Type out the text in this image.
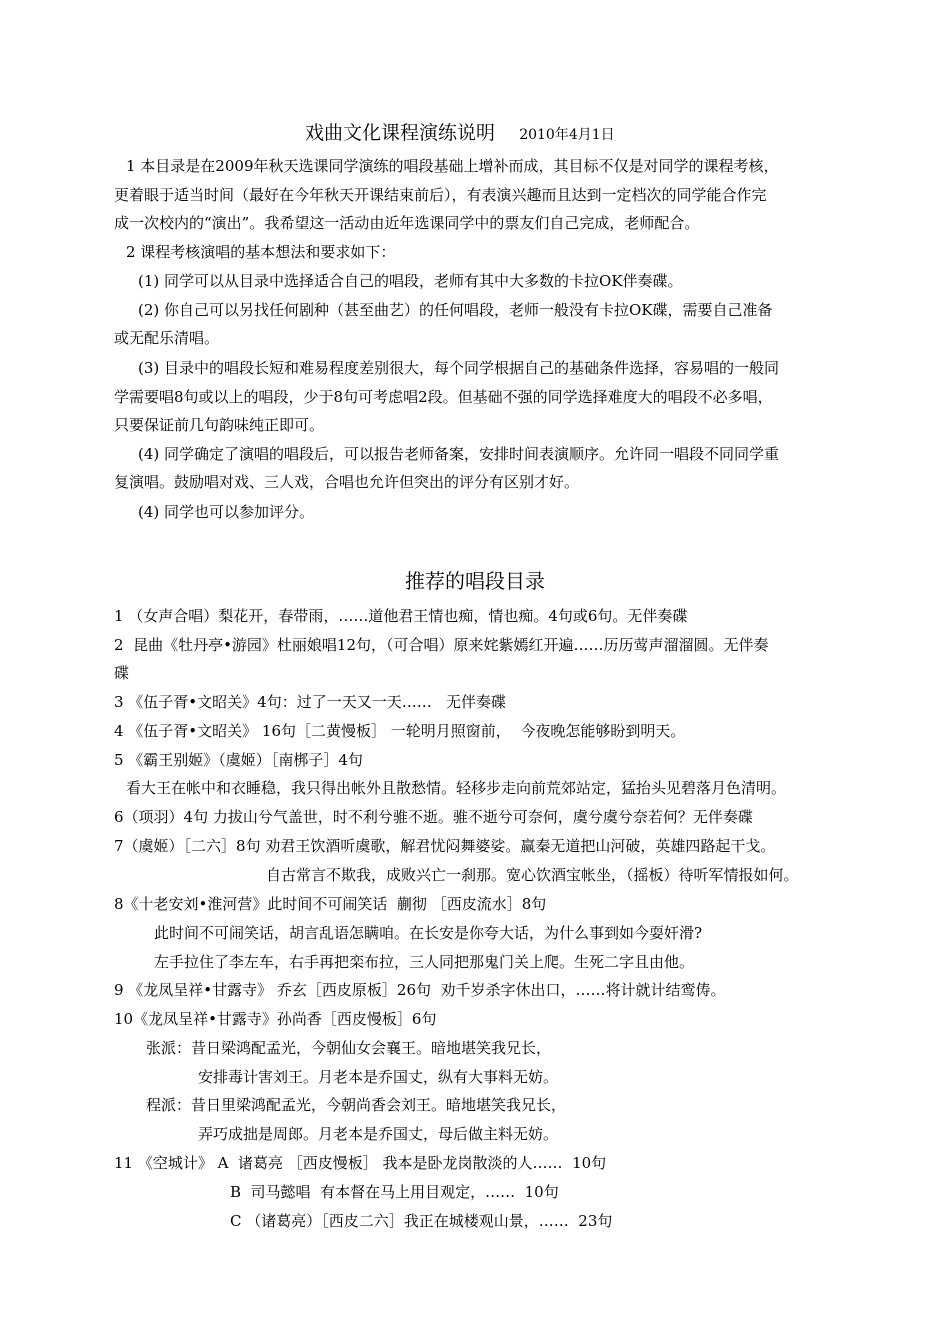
戏曲文化课程演练说明 2010年4月1日
1 本目录是在2009年秋天选课同学演练的唱段基础上增补而成，其目标不仅是对同学的课程考核，
更着眼于适当时间（最好在今年秋天开课结束前后），有表演兴趣而且达到一定档次的同学能合作完
成一次校内的“演出”。我希望这一活动由近年选课同学中的票友们自己完成，老师配合。
2 课程考核演唱的基本想法和要求如下：
(1) 同学可以从目录中选择适合自己的唱段，老师有其中大多数的卡拉OK伴奏碟。
(2) 你自己可以另找任何剧种（甚至曲艺）的任何唱段，老师一般没有卡拉OK碟，需要自己准备
或无配乐清唱。
(3) 目录中的唱段长短和难易程度差别很大，每个同学根据自己的基础条件选择，容易唱的一般同
学需要唱8句或以上的唱段，少于8句可考虑唱2段。但基础不强的同学选择难度大的唱段不必多唱，
只要保证前几句韵味纯正即可。
(4) 同学确定了演唱的唱段后，可以报告老师备案，安排时间表演顺序。允许同一唱段不同同学重
复演唱。鼓励唱对戏、三人戏，合唱也允许但突出的评分有区别才好。
(4) 同学也可以参加评分。
推荐的唱段目录
1 （女声合唱）梨花开，春带雨，……道他君王情也痴，情也痴。4句或6句。无伴奏碟
2  昆曲《牡丹亭•游园》杜丽娘唱12句，（可合唱）原来姹紫嫣红开遍……历历莺声溜溜圆。无伴奏
碟
3 《伍子胥•文昭关》4句：过了一天又一天……   无伴奏碟
4 《伍子胥•文昭关》 16句［二黄慢板］ 一轮明月照窗前，  今夜晚怎能够盼到明天。
5 《霸王别姬》（虞姬）［南梆子］4句
看大王在帐中和衣睡稳，我只得出帐外且散愁情。轻移步走向前荒郊站定，猛抬头见碧落月色清明。
6（项羽）4句 力拔山兮气盖世，时不利兮骓不逝。骓不逝兮可奈何，虞兮虞兮奈若何？无伴奏碟
7（虞姬）［二六］8句 劝君王饮酒听虞歌，解君忧闷舞婆娑。赢秦无道把山河破，英雄四路起干戈。
自古常言不欺我，成败兴亡一刹那。宽心饮酒宝帐坐，（摇板）待听军情报如何。
8《十老安刘•淮河营》此时间不可闹笑话  蒯彻 ［西皮流水］8句
此时间不可闹笑话，胡言乱语怎瞒咱。在长安是你夸大话，为什么事到如今耍奸滑?
左手拉住了李左车，右手再把栾布拉，三人同把那鬼门关上爬。生死二字且由他。
9 《龙凤呈祥•甘露寺》 乔玄［西皮原板］26句  劝千岁杀字休出口，……将计就计结鸾俦。
10《龙凤呈祥•甘露寺》孙尚香［西皮慢板］6句
张派：昔日梁鸿配孟光，今朝仙女会襄王。暗地堪笑我兄长，
安排毒计害刘王。月老本是乔国丈，纵有大事料无妨。
程派：昔日里梁鸿配孟光，今朝尚香会刘王。暗地堪笑我兄长，
弄巧成拙是周郎。月老本是乔国丈，母后做主料无妨。
11 《空城计》 A  诸葛亮 ［西皮慢板］ 我本是卧龙岗散淡的人……  10句
B  司马懿唱  有本督在马上用目观定，……  10句
C （诸葛亮）［西皮二六］我正在城楼观山景，……  23句
